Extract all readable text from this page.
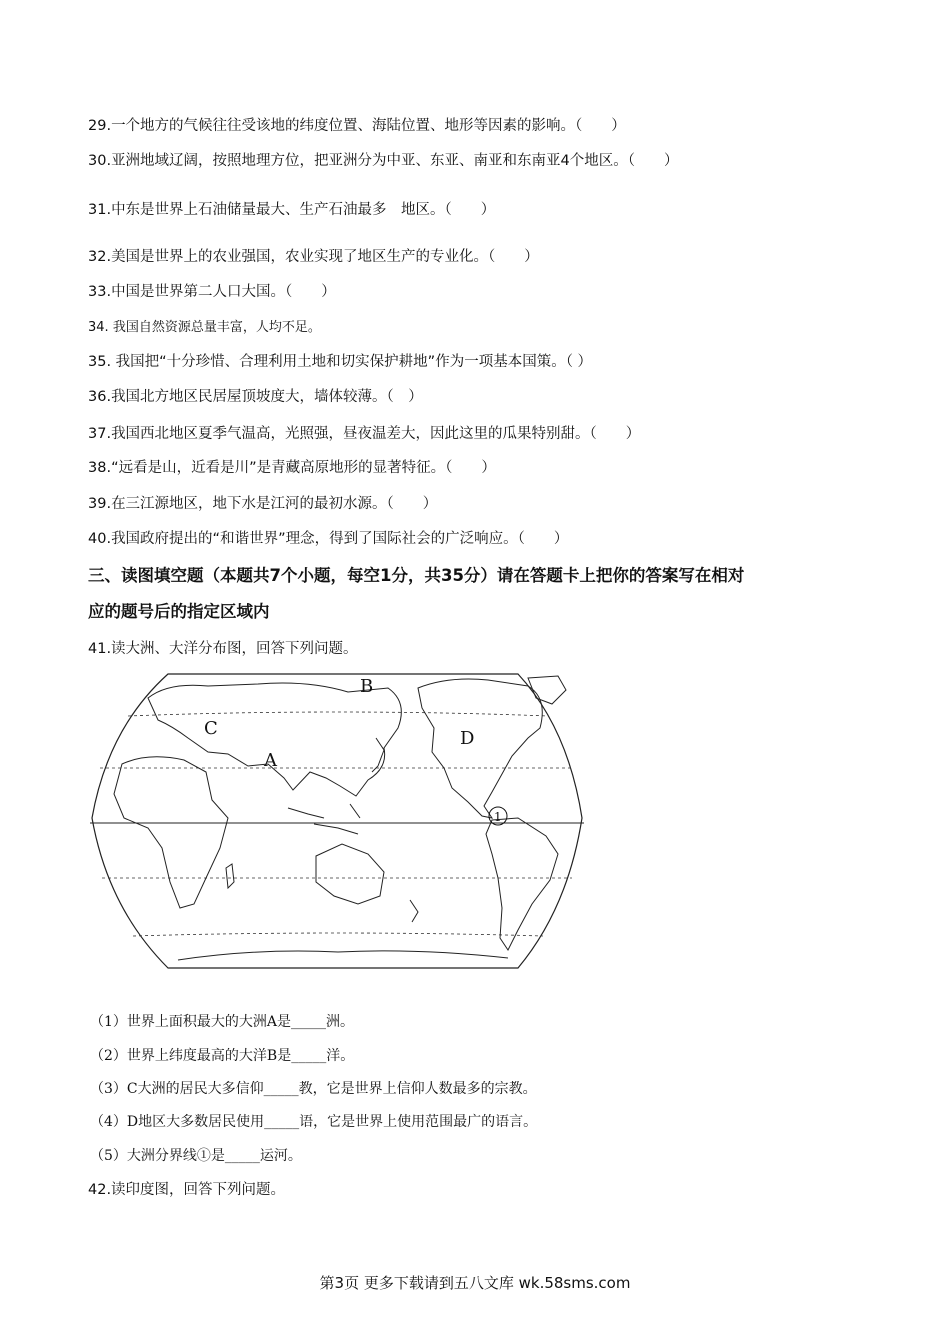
29.一个地方的气候往往受该地的纬度位置、海陆位置、地形等因素的影响。（　　）
30.亚洲地域辽阔，按照地理方位，把亚洲分为中亚、东亚、南亚和东南亚4个地区。（　　）
31.中东是世界上石油储量最大、生产石油最多　地区。（　　）
32.美国是世界上的农业强国，农业实现了地区生产的专业化。（　　）
33.中国是世界第二人口大国。（　　）
34. 我国自然资源总量丰富，人均不足。
35. 我国把“十分珍惜、合理利用土地和切实保护耕地”作为一项基本国策。（ ）
36.我国北方地区民居屋顶坡度大，墙体较薄。（　）
37.我国西北地区夏季气温高，光照强，昼夜温差大，因此这里的瓜果特别甜。（　　）
38.“远看是山，近看是川”是青藏高原地形的显著特征。（　　）
39.在三江源地区，地下水是江河的最初水源。（　　）
40.我国政府提出的“和谐世界”理念，得到了国际社会的广泛响应。（　　）
三、读图填空题（本题共7个小题，每空1分，共35分）请在答题卡上把你的答案写在相对
应的题号后的指定区域内
41.读大洲、大洋分布图，回答下列问题。
B
C	D
A
1
（1）世界上面积最大的大洲A是_____洲。
（2）世界上纬度最高的大洋B是_____洋。
（3）C大洲的居民大多信仰_____教，它是世界上信仰人数最多的宗教。
（4）D地区大多数居民使用_____语，它是世界上使用范围最广的语言。
（5）大洲分界线①是_____运河。
42.读印度图，回答下列问题。
第3页 更多下载请到五八文库 wk.58sms.com
